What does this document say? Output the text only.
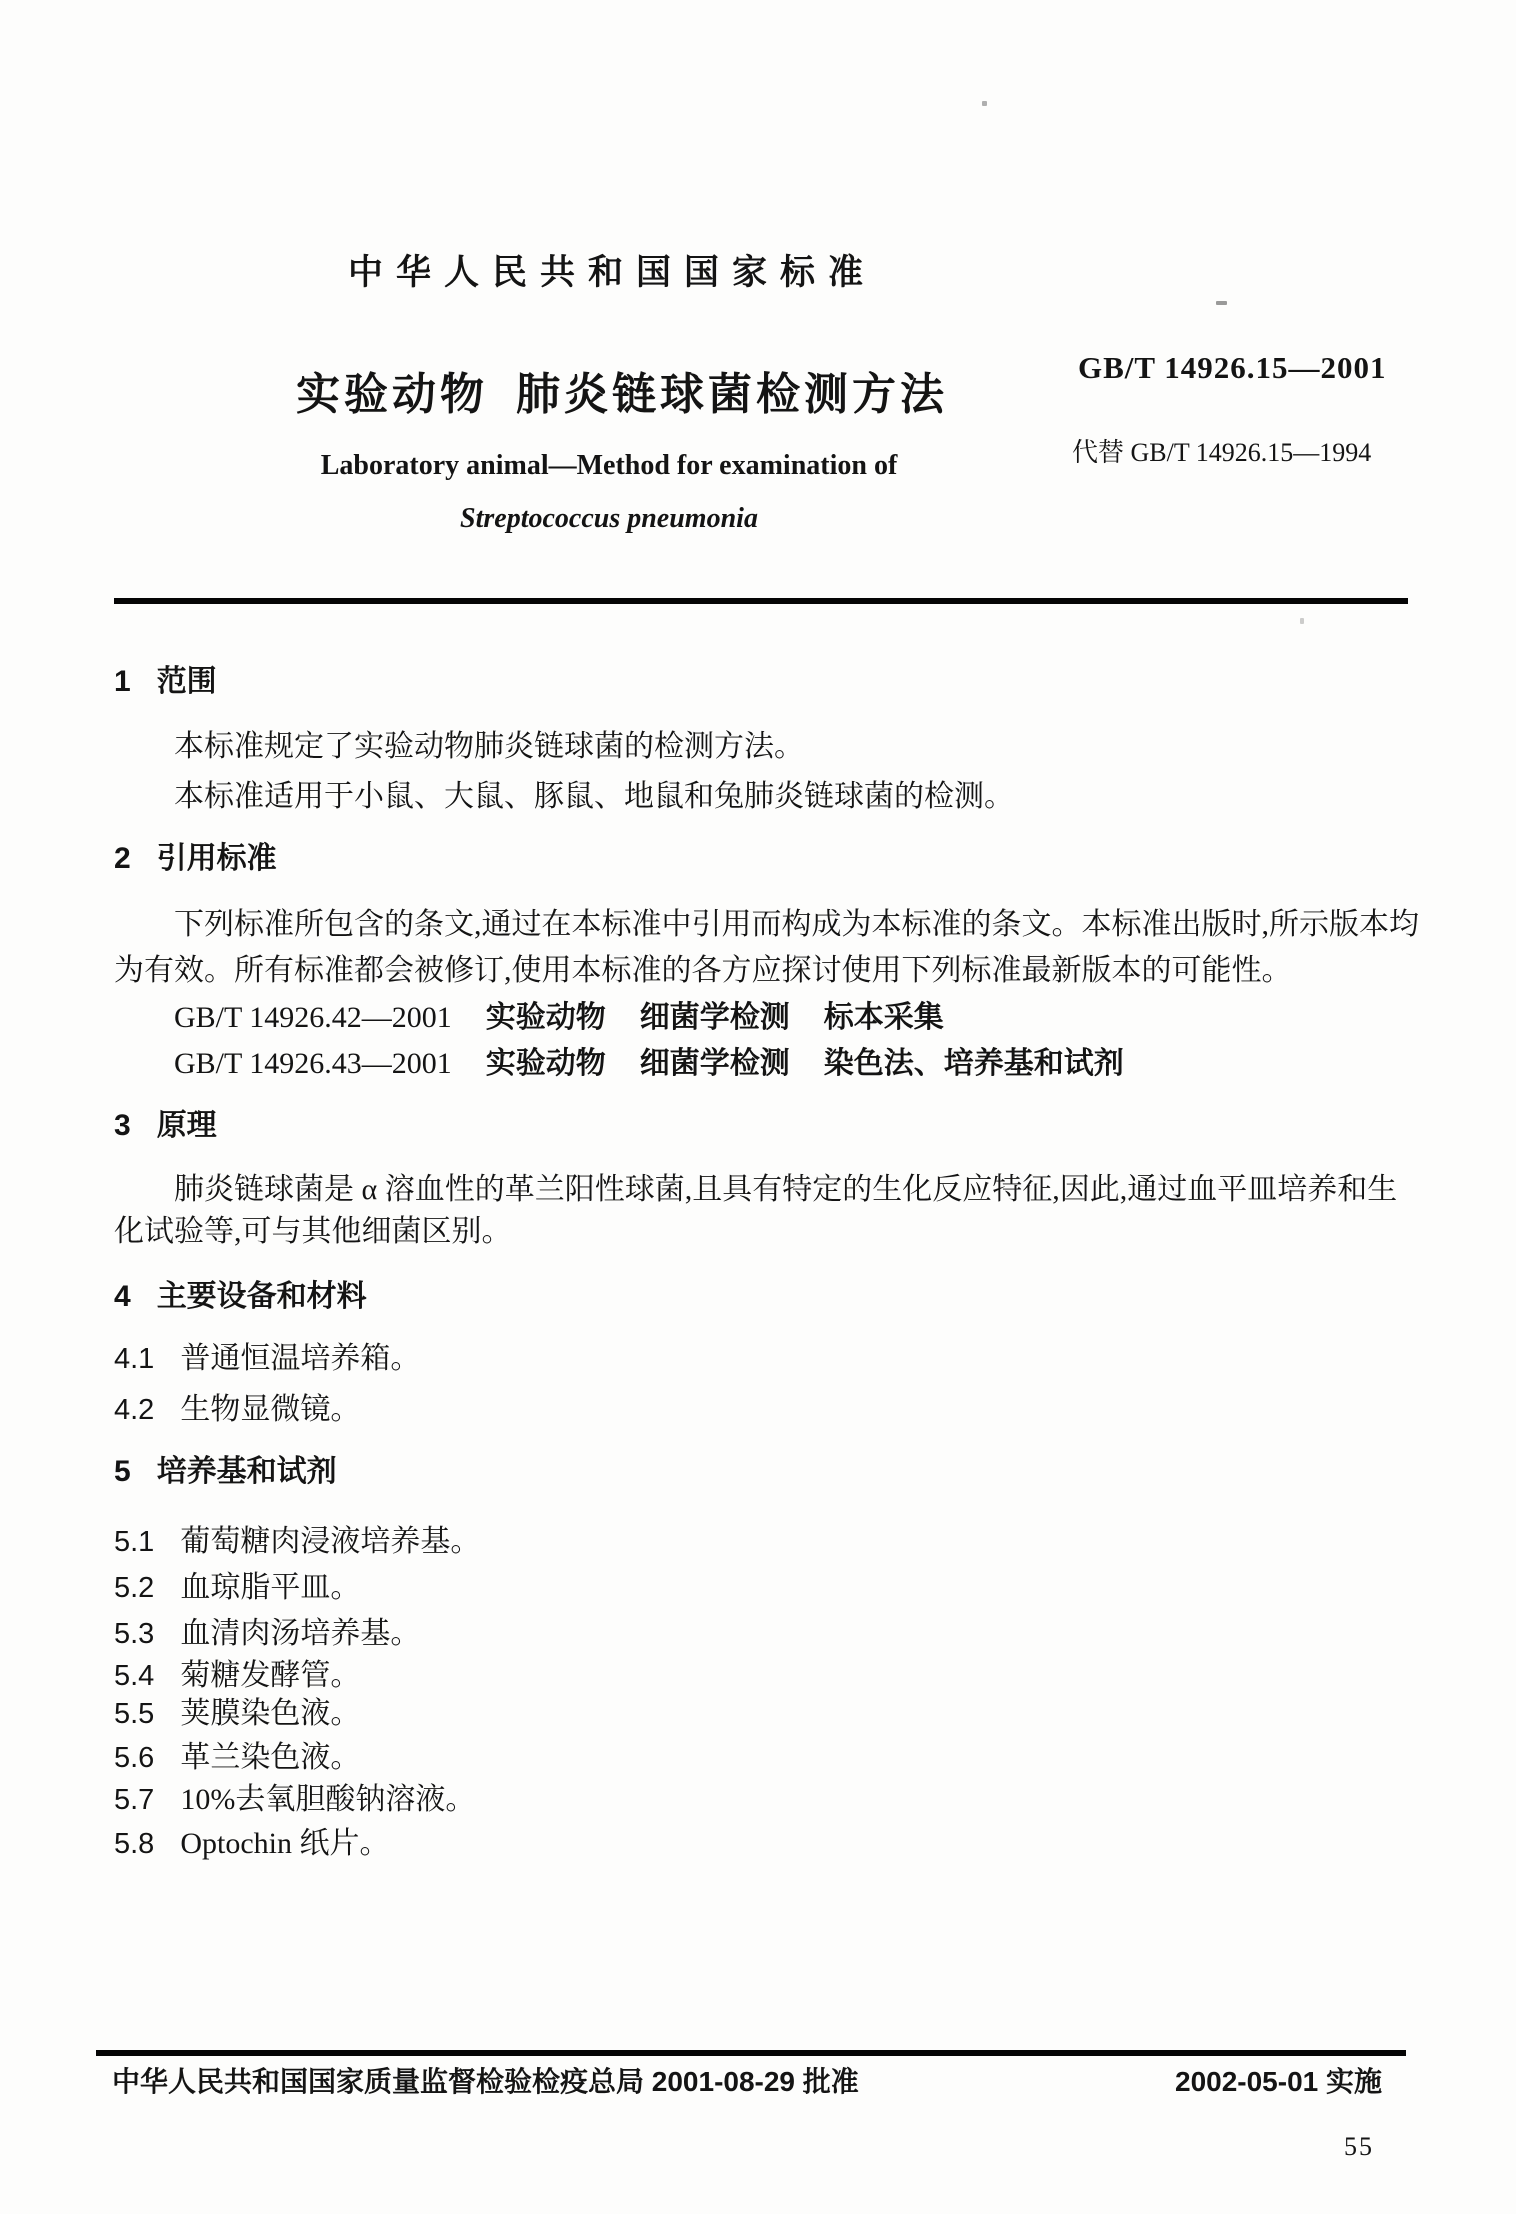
中华人民共和国国家标准
实验动物 肺炎链球菌检测方法
GB/T 14926.15—2001
代替 GB/T 14926.15—1994
Laboratory animal—Method for examination of
Streptococcus pneumonia
1 范围
本标准规定了实验动物肺炎链球菌的检测方法。
本标准适用于小鼠、大鼠、豚鼠、地鼠和兔肺炎链球菌的检测。
2 引用标准
下列标准所包含的条文,通过在本标准中引用而构成为本标准的条文。本标准出版时,所示版本均
为有效。所有标准都会被修订,使用本标准的各方应探讨使用下列标准最新版本的可能性。
GB/T 14926.42—2001 实验动物 细菌学检测 标本采集
GB/T 14926.43—2001 实验动物 细菌学检测 染色法、培养基和试剂
3 原理
肺炎链球菌是 α 溶血性的革兰阳性球菌,且具有特定的生化反应特征,因此,通过血平皿培养和生
化试验等,可与其他细菌区别。
4 主要设备和材料
4.1 普通恒温培养箱。
4.2 生物显微镜。
5 培养基和试剂
5.1 葡萄糖肉浸液培养基。
5.2 血琼脂平皿。
5.3 血清肉汤培养基。
5.4 菊糖发酵管。
5.5 荚膜染色液。
5.6 革兰染色液。
5.7 10%去氧胆酸钠溶液。
5.8 Optochin 纸片。
中华人民共和国国家质量监督检验检疫总局 2001-08-29 批准	2002-05-01 实施
55
